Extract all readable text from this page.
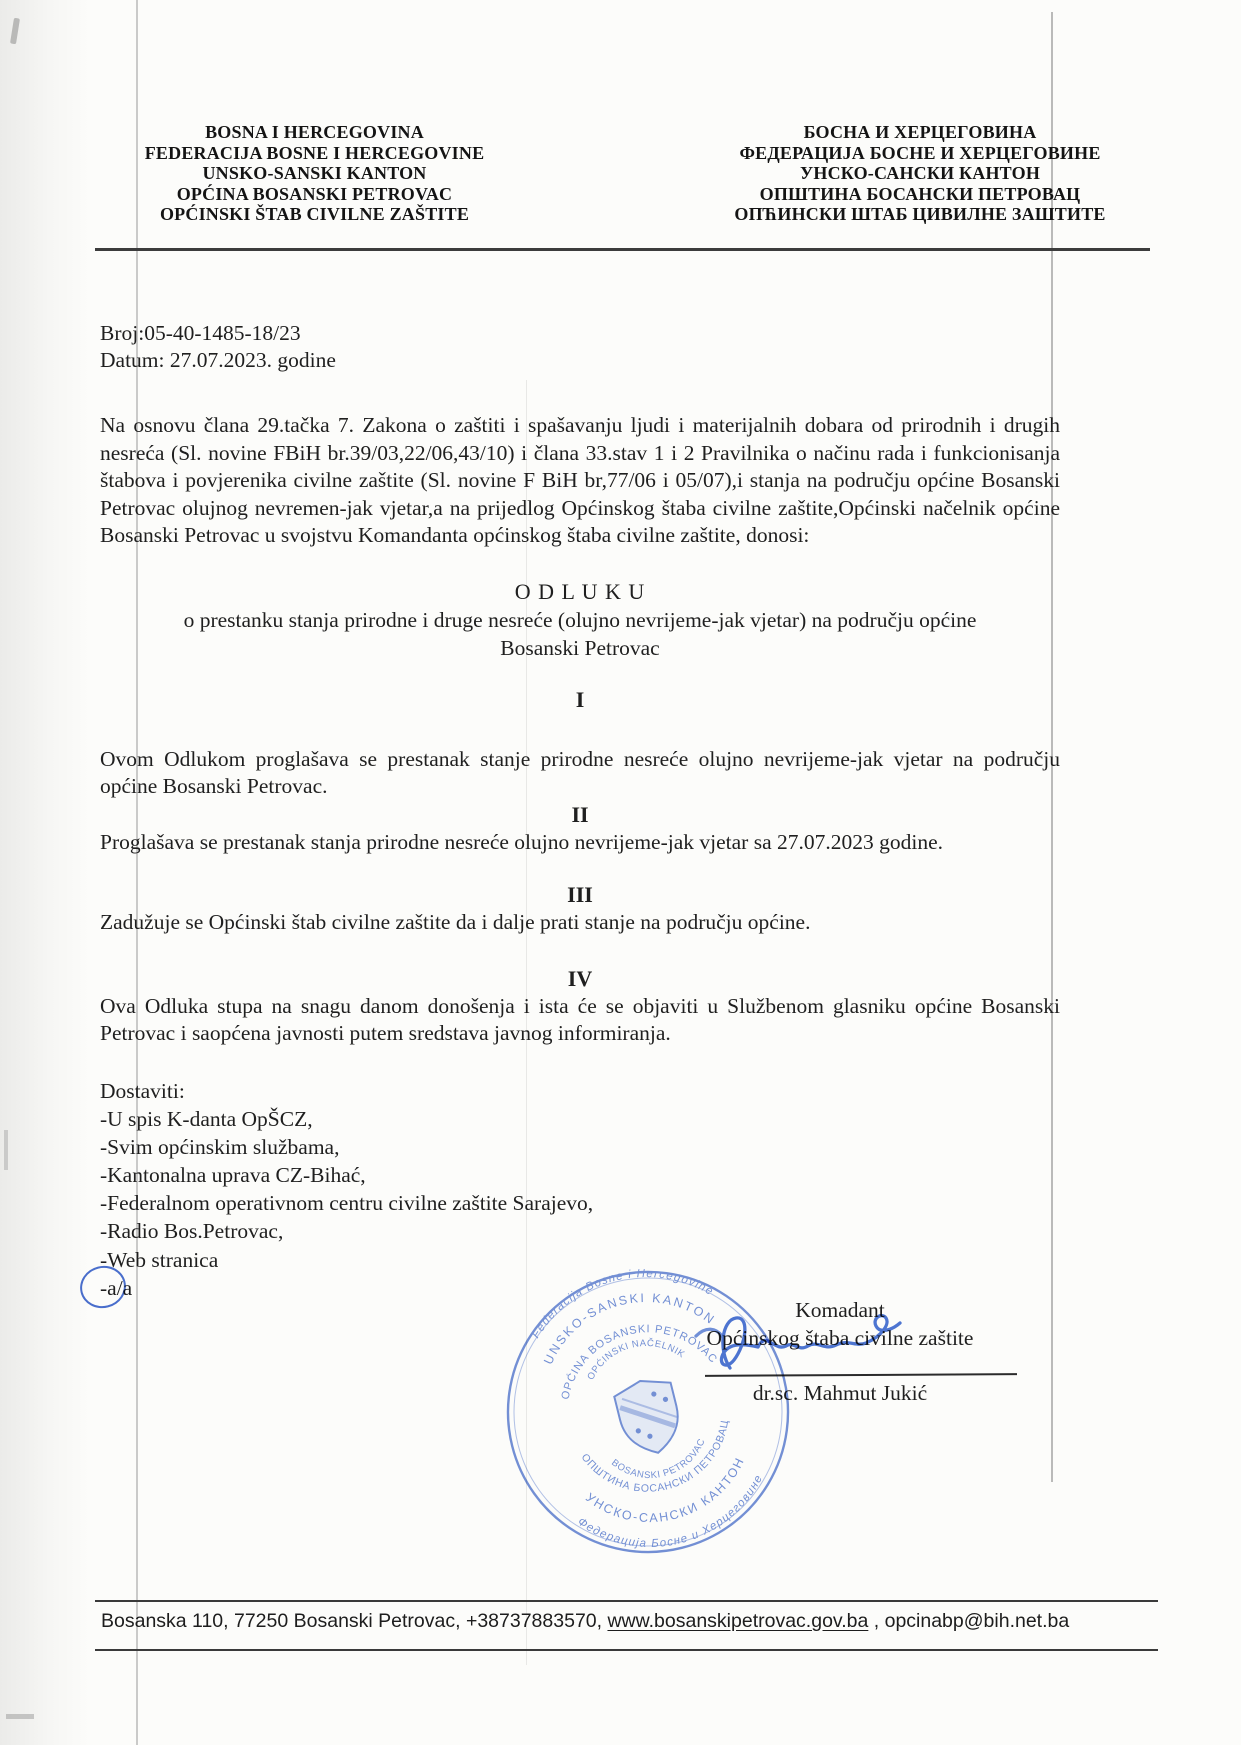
BOSNA I HERCEGOVINA
FEDERACIJA BOSNE I HERCEGOVINE
UNSKO-SANSKI KANTON
OPĆINA BOSANSKI PETROVAC
OPĆINSKI ŠTAB CIVILNE ZAŠTITE
БОСНА И ХЕРЦЕГОВИНА
ФЕДЕРАЦИЈА БОСНЕ И ХЕРЦЕГОВИНЕ
УНСКО-САНСКИ КАНТОН
ОПШТИНА БОСАНСКИ ПЕТРОВАЦ
ОПЋИНСКИ ШТАБ ЦИВИЛНЕ ЗАШТИТЕ
Broj:05-40-1485-18/23
Datum: 27.07.2023. godine

Na osnovu člana 29.tačka 7. Zakona o zaštiti i spašavanju ljudi i materijalnih dobara od prirodnih i drugih nesreća (Sl. novine FBiH br.39/03,22/06,43/10) i člana 33.stav 1 i 2 Pravilnika o načinu rada i funkcionisanja štabova i povjerenika civilne zaštite (Sl. novine F BiH br,77/06 i 05/07),i stanja na području općine Bosanski Petrovac olujnog nevremen-jak vjetar,a na prijedlog Općinskog štaba civilne zaštite,Općinski načelnik općine Bosanski Petrovac u svojstvu Komandanta općinskog štaba civilne zaštite, donosi:

O D L U K U

o prestanku stanja prirodne i druge nesreće (olujno nevrijeme-jak vjetar) na području općine

Bosanski Petrovac

I

Ovom Odlukom proglašava se prestanak stanje prirodne nesreće olujno nevrijeme-jak vjetar na području općine Bosanski Petrovac.

II

Proglašava se prestanak stanja prirodne nesreće olujno nevrijeme-jak vjetar sa 27.07.2023 godine.

III

Zadužuje se Općinski štab civilne zaštite da i dalje prati stanje na području općine.

IV

Ova Odluka stupa na snagu danom donošenja i ista će se objaviti u Službenom glasniku općine Bosanski Petrovac i saopćena javnosti putem sredstava javnog informiranja.

Dostaviti:

-U spis K-danta OpŠCZ,
-Svim općinskim službama,
-Kantonalna uprava CZ-Bihać,
-Federalnom operativnom centru civilne zaštite Sarajevo,
-Radio Bos.Petrovac,
-Web stranica
-a/a
Komadant
Općinskog štaba civilne zaštite
dr.sc. Mahmut Jukić
Federacija Bosne i Hercegovine
UNSKO-SANSKI KANTON
OPĆINA BOSANSKI PETROVAC
OPĆINSKI NAČELNIK
Федерација Босне и Херцеговине
УНСКО-САНСКИ КАНТОН
ОПШТИНА БОСАНСКИ ПЕТРОВАЦ
BOSANSKI PETROVAC
Bosanska 110, 77250 Bosanski Petrovac, +38737883570, www.bosanskipetrovac.gov.ba , opcinabp@bih.net.ba
